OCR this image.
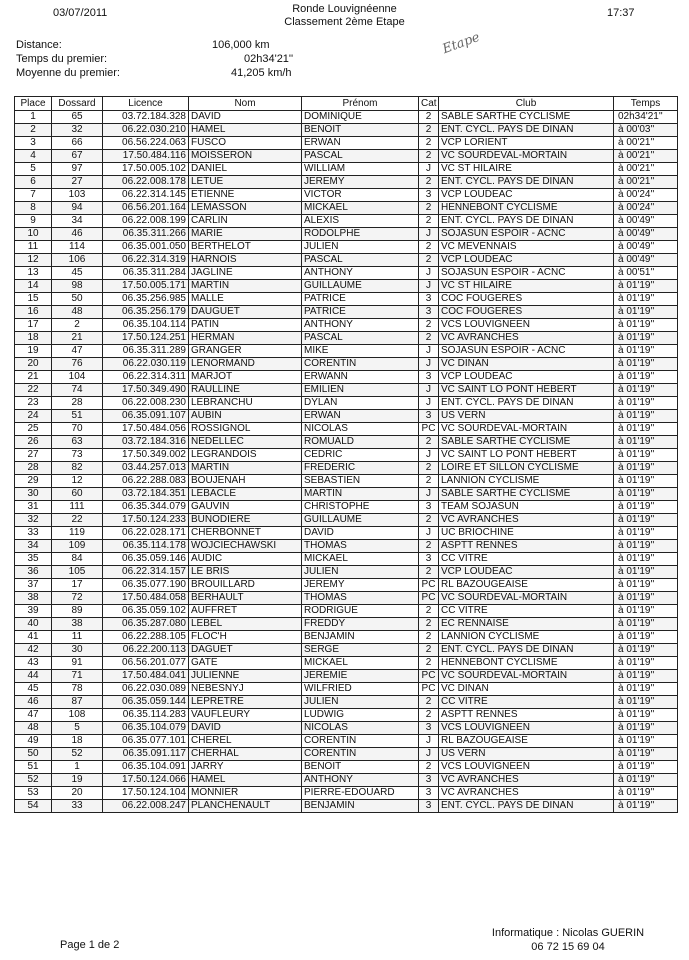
03/07/2011	Ronde Louvignéenne
Classement 2ème Etape
17:37
Distance:	106,000 km
Temps du premier:	02h34'21''
Moyenne du premier:	41,205 km/h
Etape
Place	Dossard	Licence	Nom	Prénom	Cat	Club	Temps
1	65	03.72.184.328	DAVID	DOMINIQUE	2	SABLE SARTHE CYCLISME	02h34'21''
2	32	06.22.030.210	HAMEL	BENOIT	2	ENT. CYCL. PAYS DE DINAN	à 00'03''
3	66	06.56.224.063	FUSCO	ERWAN	2	VCP LORIENT	à 00'21''
4	67	17.50.484.116	MOISSERON	PASCAL	2	VC SOURDEVAL-MORTAIN	à 00'21''
5	97	17.50.005.102	DANIEL	WILLIAM	J	VC ST HILAIRE	à 00'21''
6	27	06.22.008.178	LETUE	JEREMY	2	ENT. CYCL. PAYS DE DINAN	à 00'21''
7	103	06.22.314.145	ETIENNE	VICTOR	3	VCP LOUDEAC	à 00'24''
8	94	06.56.201.164	LEMASSON	MICKAEL	2	HENNEBONT CYCLISME	à 00'24''
9	34	06.22.008.199	CARLIN	ALEXIS	2	ENT. CYCL. PAYS DE DINAN	à 00'49''
10	46	06.35.311.266	MARIE	RODOLPHE	J	SOJASUN ESPOIR - ACNC	à 00'49''
11	114	06.35.001.050	BERTHELOT	JULIEN	2	VC MEVENNAIS	à 00'49''
12	106	06.22.314.319	HARNOIS	PASCAL	2	VCP LOUDEAC	à 00'49''
13	45	06.35.311.284	JAGLINE	ANTHONY	J	SOJASUN ESPOIR - ACNC	à 00'51''
14	98	17.50.005.171	MARTIN	GUILLAUME	J	VC ST HILAIRE	à 01'19''
15	50	06.35.256.985	MALLE	PATRICE	3	COC FOUGERES	à 01'19''
16	48	06.35.256.179	DAUGUET	PATRICE	3	COC FOUGERES	à 01'19''
17	2	06.35.104.114	PATIN	ANTHONY	2	VCS LOUVIGNEEN	à 01'19''
18	21	17.50.124.251	HERMAN	PASCAL	2	VC AVRANCHES	à 01'19''
19	47	06.35.311.289	GRANGER	MIKE	J	SOJASUN ESPOIR - ACNC	à 01'19''
20	76	06.22.030.119	LENORMAND	CORENTIN	J	VC DINAN	à 01'19''
21	104	06.22.314.311	MARJOT	ERWANN	3	VCP LOUDEAC	à 01'19''
22	74	17.50.349.490	RAULLINE	EMILIEN	J	VC SAINT LO PONT HEBERT	à 01'19''
23	28	06.22.008.230	LEBRANCHU	DYLAN	J	ENT. CYCL. PAYS DE DINAN	à 01'19''
24	51	06.35.091.107	AUBIN	ERWAN	3	US VERN	à 01'19''
25	70	17.50.484.056	ROSSIGNOL	NICOLAS	PC	VC SOURDEVAL-MORTAIN	à 01'19''
26	63	03.72.184.316	NEDELLEC	ROMUALD	2	SABLE SARTHE CYCLISME	à 01'19''
27	73	17.50.349.002	LEGRANDOIS	CEDRIC	J	VC SAINT LO PONT HEBERT	à 01'19''
28	82	03.44.257.013	MARTIN	FREDERIC	2	LOIRE ET SILLON CYCLISME	à 01'19''
29	12	06.22.288.083	BOUJENAH	SEBASTIEN	2	LANNION CYCLISME	à 01'19''
30	60	03.72.184.351	LEBACLE	MARTIN	J	SABLE SARTHE CYCLISME	à 01'19''
31	111	06.35.344.079	GAUVIN	CHRISTOPHE	3	TEAM SOJASUN	à 01'19''
32	22	17.50.124.233	BUNODIERE	GUILLAUME	2	VC AVRANCHES	à 01'19''
33	119	06.22.028.171	CHERBONNET	DAVID	J	UC BRIOCHINE	à 01'19''
34	109	06.35.114.178	WOJCIECHAWSKI	THOMAS	2	ASPTT RENNES	à 01'19''
35	84	06.35.059.146	AUDIC	MICKAEL	3	CC VITRE	à 01'19''
36	105	06.22.314.157	LE BRIS	JULIEN	2	VCP LOUDEAC	à 01'19''
37	17	06.35.077.190	BROUILLARD	JEREMY	PC	RL BAZOUGEAISE	à 01'19''
38	72	17.50.484.058	BERHAULT	THOMAS	PC	VC SOURDEVAL-MORTAIN	à 01'19''
39	89	06.35.059.102	AUFFRET	RODRIGUE	2	CC VITRE	à 01'19''
40	38	06.35.287.080	LEBEL	FREDDY	2	EC RENNAISE	à 01'19''
41	11	06.22.288.105	FLOC'H	BENJAMIN	2	LANNION CYCLISME	à 01'19''
42	30	06.22.200.113	DAGUET	SERGE	2	ENT. CYCL. PAYS DE DINAN	à 01'19''
43	91	06.56.201.077	GATE	MICKAEL	2	HENNEBONT CYCLISME	à 01'19''
44	71	17.50.484.041	JULIENNE	JEREMIE	PC	VC SOURDEVAL-MORTAIN	à 01'19''
45	78	06.22.030.089	NEBESNYJ	WILFRIED	PC	VC DINAN	à 01'19''
46	87	06.35.059.144	LEPRETRE	JULIEN	2	CC VITRE	à 01'19''
47	108	06.35.114.283	VAUFLEURY	LUDWIG	2	ASPTT RENNES	à 01'19''
48	5	06.35.104.079	DAVID	NICOLAS	3	VCS LOUVIGNEEN	à 01'19''
49	18	06.35.077.101	CHEREL	CORENTIN	J	RL BAZOUGEAISE	à 01'19''
50	52	06.35.091.117	CHERHAL	CORENTIN	J	US VERN	à 01'19''
51	1	06.35.104.091	JARRY	BENOIT	2	VCS LOUVIGNEEN	à 01'19''
52	19	17.50.124.066	HAMEL	ANTHONY	3	VC AVRANCHES	à 01'19''
53	20	17.50.124.104	MONNIER	PIERRE-EDOUARD	3	VC AVRANCHES	à 01'19''
54	33	06.22.008.247	PLANCHENAULT	BENJAMIN	3	ENT. CYCL. PAYS DE DINAN	à 01'19''
Page 1 de 2
Informatique : Nicolas GUERIN
06 72 15 69 04
